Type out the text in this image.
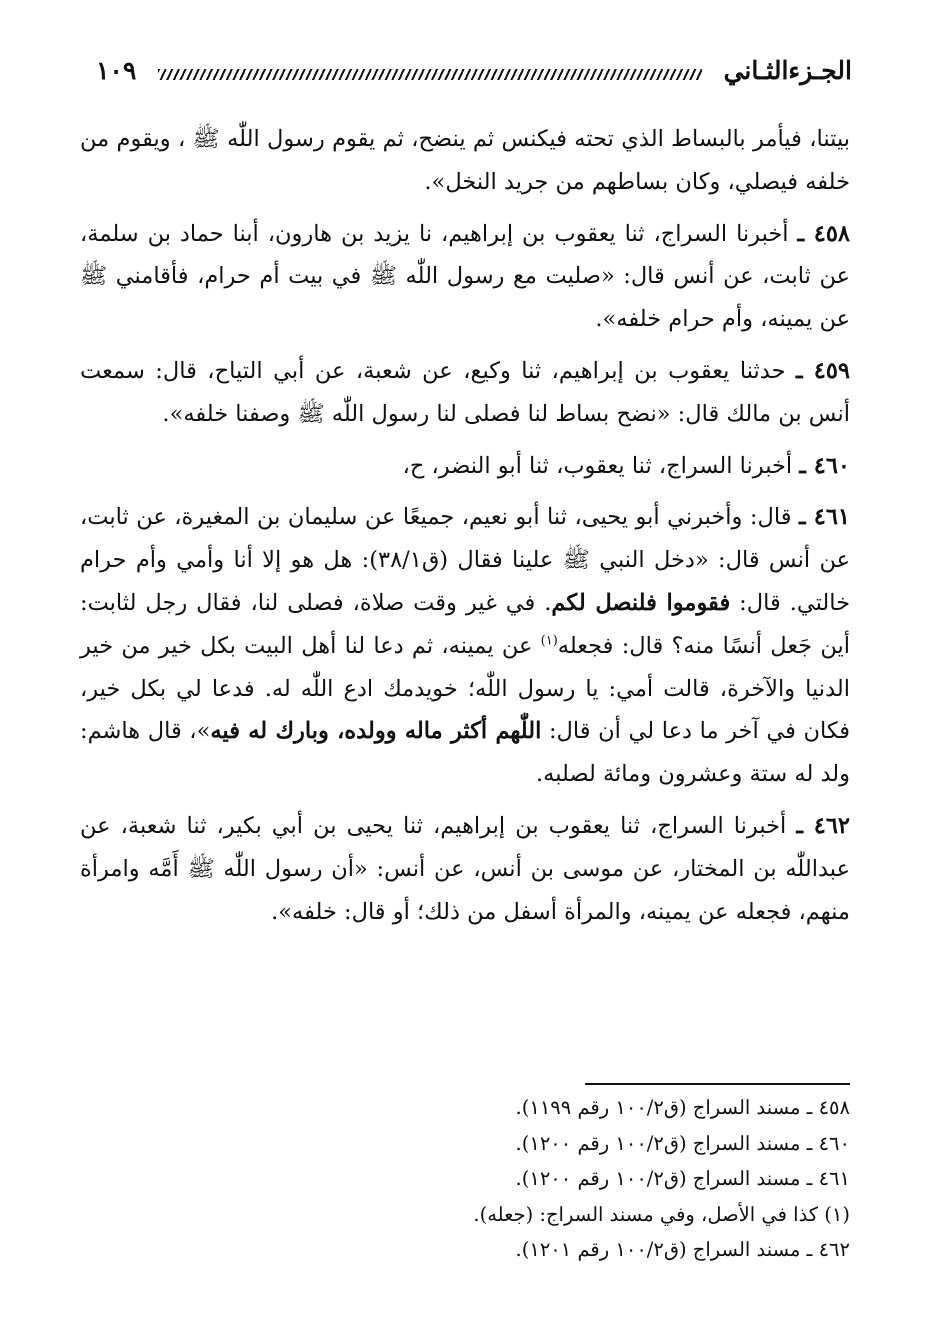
الجـزءالثـاني
١٠٩

بيتنا، فيأمر بالبساط الذي تحته فيكنس ثم ينضح، ثم يقوم رسول اللّٰه ﷺ ، ويقوم من خلفه فيصلي، وكان بساطهم من جريد النخل».

٤٥٨ ـ أخبرنا السراج، ثنا يعقوب بن إبراهيم، نا يزيد بن هارون، أبنا حماد بن سلمة، عن ثابت، عن أنس قال: «صليت مع رسول اللّٰه ﷺ في بيت أم حرام، فأقامني ﷺ عن يمينه، وأم حرام خلفه».

٤٥٩ ـ حدثنا يعقوب بن إبراهيم، ثنا وكيع، عن شعبة، عن أبي التياح، قال: سمعت أنس بن مالك قال: «نضح بساط لنا فصلى لنا رسول اللّٰه ﷺ وصفنا خلفه».

٤٦٠ ـ أخبرنا السراج، ثنا يعقوب، ثنا أبو النضر، ح،

٤٦١ ـ قال: وأخبرني أبو يحيى، ثنا أبو نعيم، جميعًا عن سليمان بن المغيرة، عن ثابت، عن أنس قال: «دخل النبي ﷺ علينا فقال (ق٣٨/١): هل هو إلا أنا وأمي وأم حرام خالتي. قال: فقوموا فلنصل لكم. في غير وقت صلاة، فصلى لنا، فقال رجل لثابت: أين جَعل أنسًا منه؟ قال: فجعله$^{(١)}$ عن يمينه، ثم دعا لنا أهل البيت بكل خير من خير الدنيا والآخرة، قالت أمي: يا رسول اللّٰه؛ خويدمك ادع اللّٰه له. فدعا لي بكل خير، فكان في آخر ما دعا لي أن قال: اللّٰهم أكثر ماله وولده، وبارك له فيه»، قال هاشم: ولد له ستة وعشرون ومائة لصلبه.

٤٦٢ ـ أخبرنا السراج، ثنا يعقوب بن إبراهيم، ثنا يحيى بن أبي بكير، ثنا شعبة، عن عبداللّٰه بن المختار، عن موسى بن أنس، عن أنس: «أن رسول اللّٰه ﷺ أَمَّه وامرأة منهم، فجعله عن يمينه، والمرأة أسفل من ذلك؛ أو قال: خلفه».

٤٥٨ ـ مسند السراج (ق١٠٠/٢ رقم ١١٩٩).
٤٦٠ ـ مسند السراج (ق١٠٠/٢ رقم ١٢٠٠).
٤٦١ ـ مسند السراج (ق١٠٠/٢ رقم ١٢٠٠).
(١) كذا في الأصل، وفي مسند السراج: (جعله).
٤٦٢ ـ مسند السراج (ق١٠٠/٢ رقم ١٢٠١).
